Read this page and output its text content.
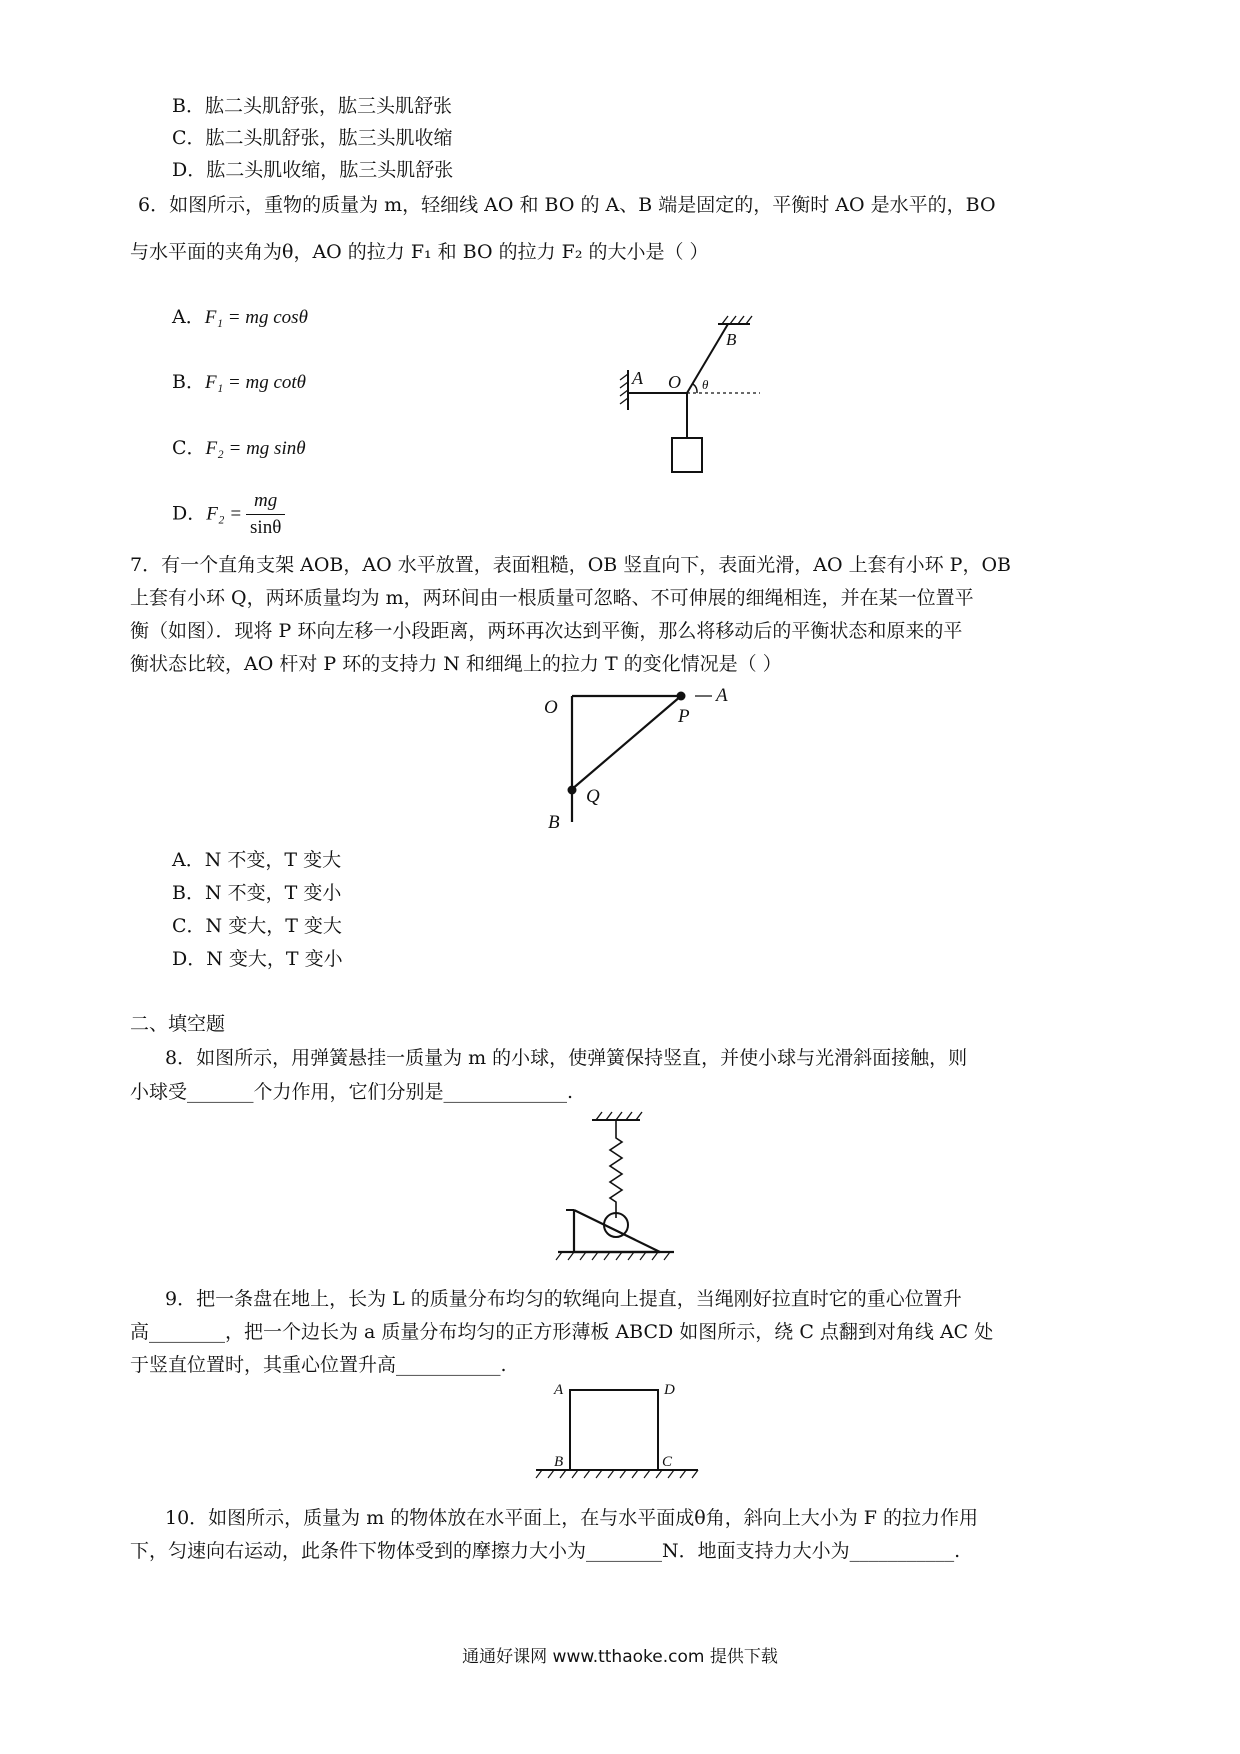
B．肱二头肌舒张，肱三头肌舒张
C．肱二头肌舒张，肱三头肌收缩
D．肱二头肌收缩，肱三头肌舒张
6．如图所示，重物的质量为 m，轻细线 AO 和 BO 的 A、B 端是固定的，平衡时 AO 是水平的，BO
与水平面的夹角为θ，AO 的拉力 F₁ 和 BO 的拉力 F₂ 的大小是（ ）
A．F₁ = mg cosθ
B．F₁ = mg cotθ
C．F₂ = mg sinθ
D．$F_2 = \frac{mg}{\sin\theta}$
A O
B
θ
7．有一个直角支架 AOB，AO 水平放置，表面粗糙，OB 竖直向下，表面光滑，AO 上套有小环 P，OB
上套有小环 Q，两环质量均为 m，两环间由一根质量可忽略、不可伸展的细绳相连，并在某一位置平
衡（如图）．现将 P 环向左移一小段距离，两环再次达到平衡，那么将移动后的平衡状态和原来的平
衡状态比较，AO 杆对 P 环的支持力 N 和细绳上的拉力 T 的变化情况是（ ）
O
A
P
Q
B
A．N 不变，T 变大
B．N 不变，T 变小
C．N 变大，T 变大
D．N 变大，T 变小
二、填空题
8．如图所示，用弹簧悬挂一质量为 m 的小球，使弹簧保持竖直，并使小球与光滑斜面接触，则
小球受_______个力作用，它们分别是_____________.
9．把一条盘在地上，长为 L 的质量分布均匀的软绳向上提直，当绳刚好拉直时它的重心位置升
高________，把一个边长为 a 质量分布均匀的正方形薄板 ABCD 如图所示，绕 C 点翻到对角线 AC 处
于竖直位置时，其重心位置升高___________.
A	D
B	C
10．如图所示，质量为 m 的物体放在水平面上，在与水平面成θ角，斜向上大小为 F 的拉力作用
下，匀速向右运动，此条件下物体受到的摩擦力大小为________N．地面支持力大小为___________.
通通好课网 www.tthaoke.com 提供下载
